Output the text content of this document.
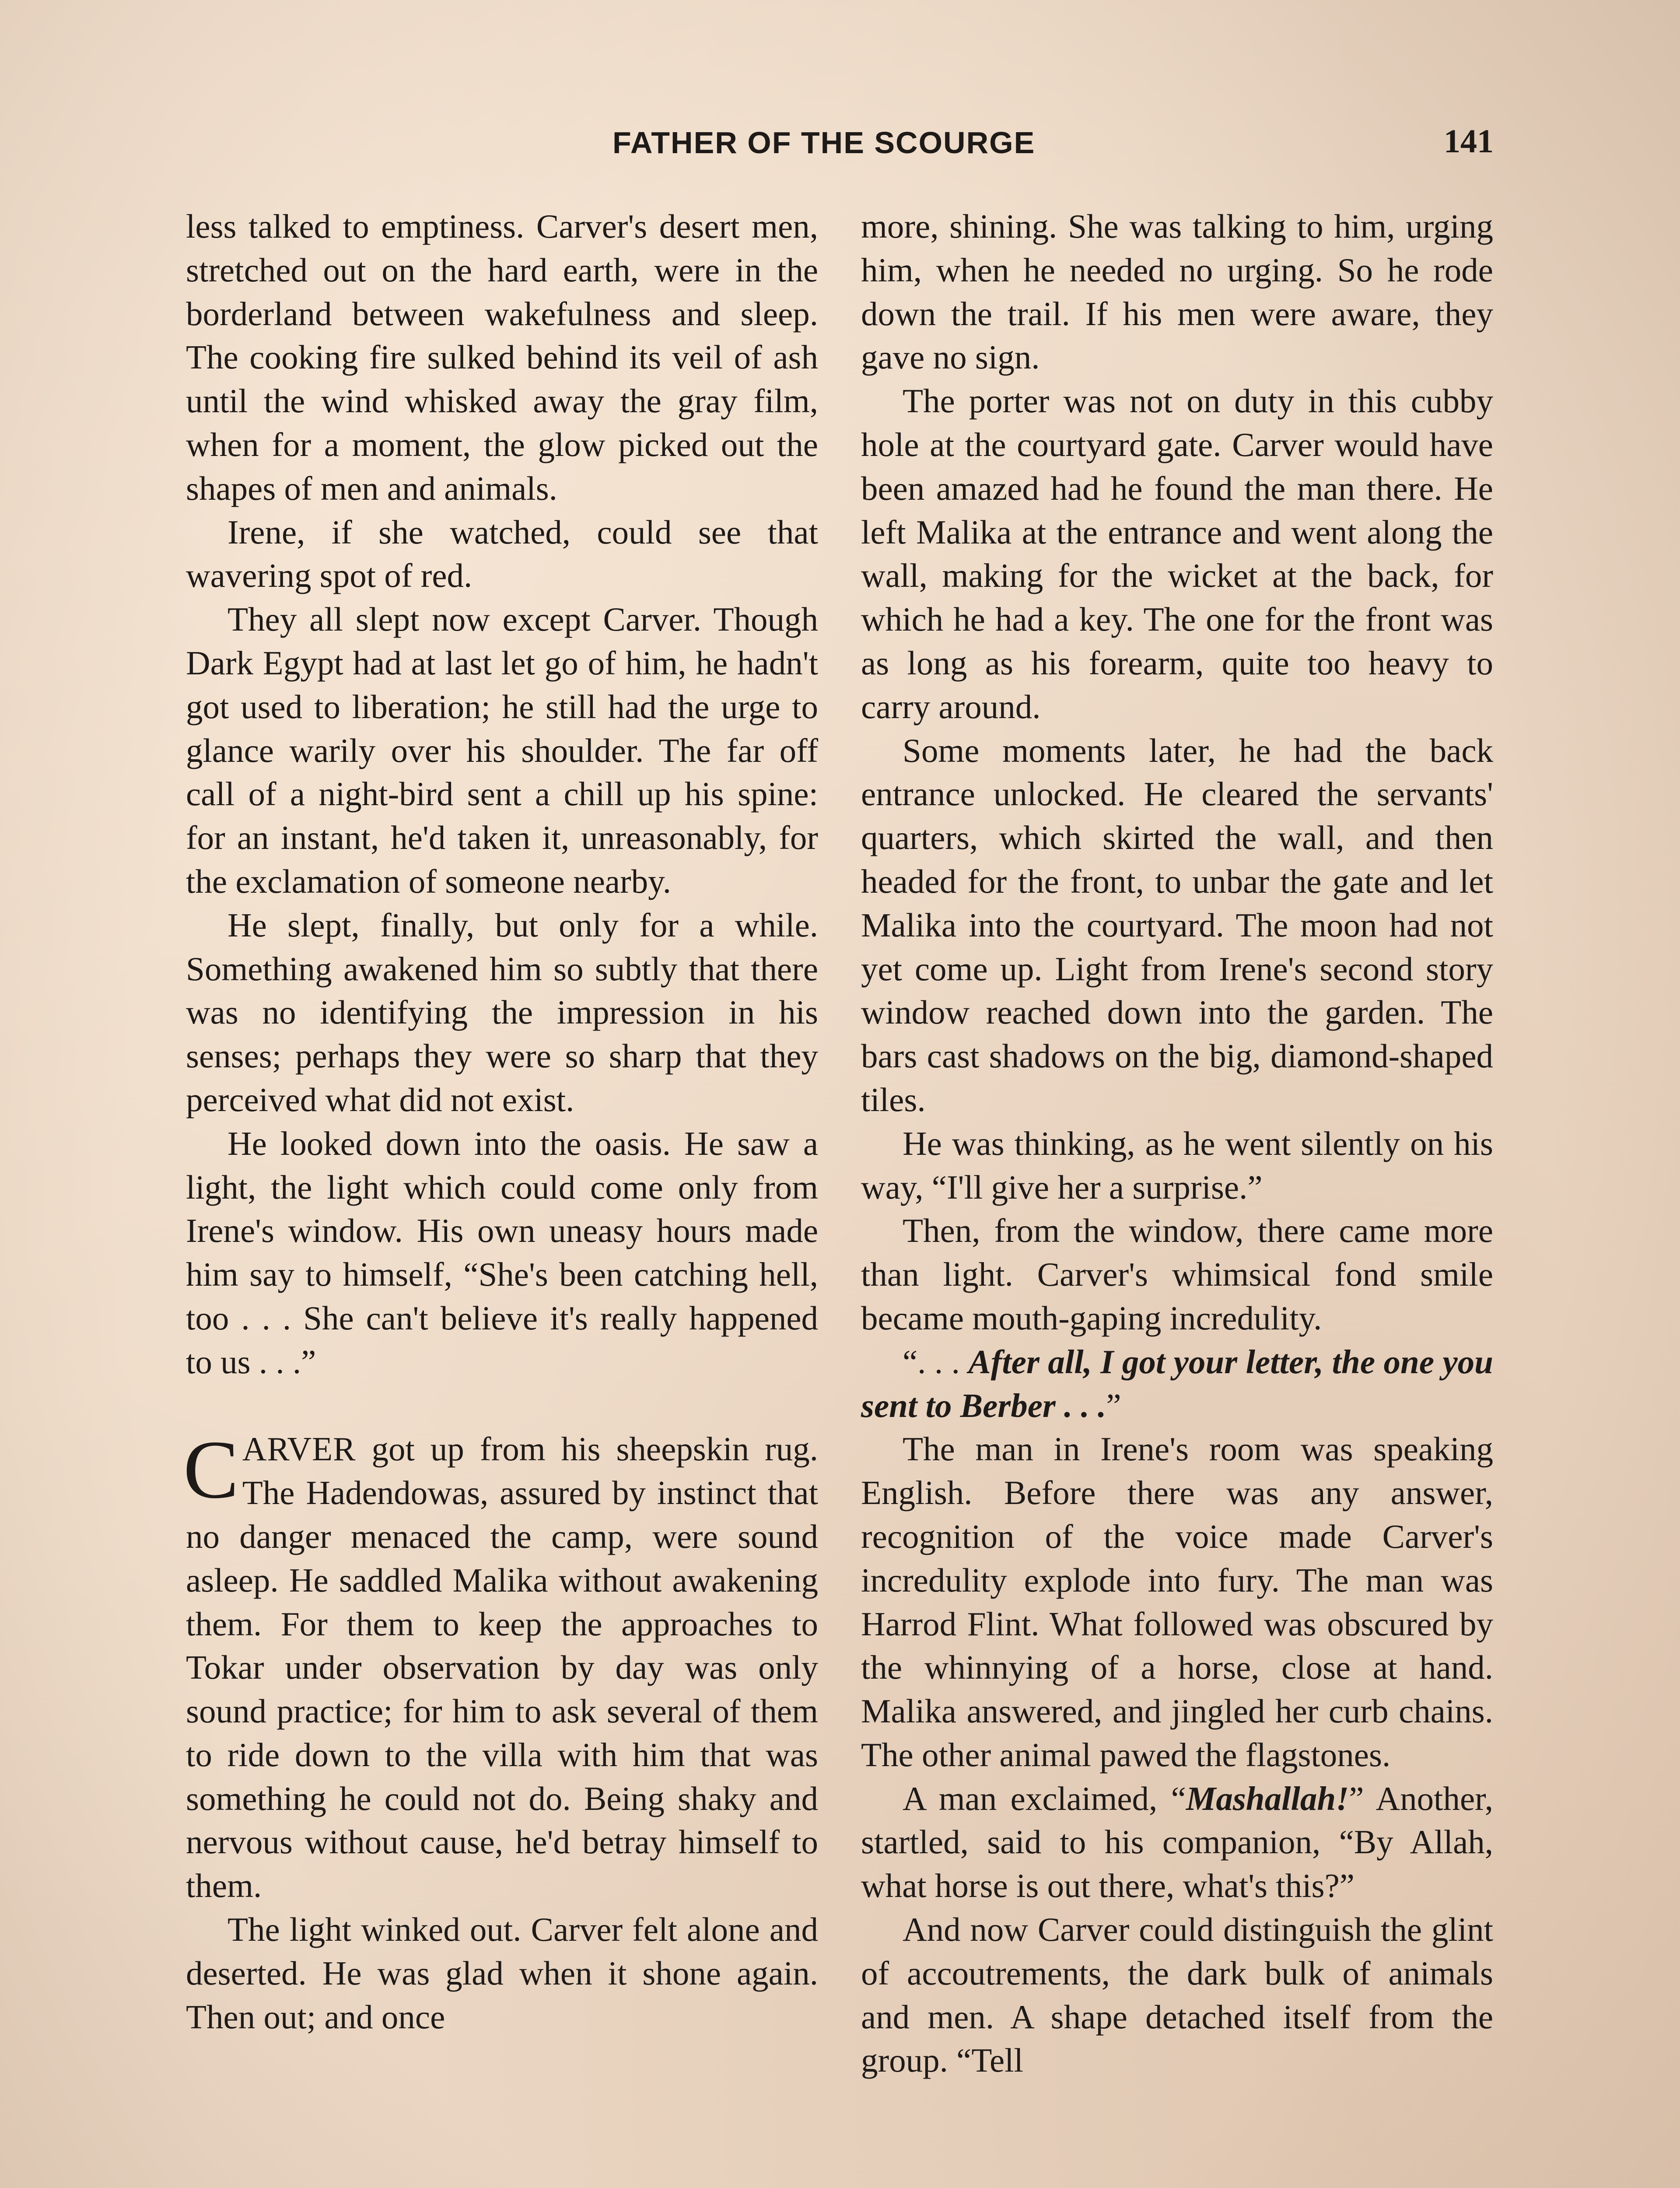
FATHER OF THE SCOURGE	141

less talked to emptiness. Carver's desert men, stretched out on the hard earth, were in the borderland between wakefulness and sleep. The cooking fire sulked behind its veil of ash until the wind whisked away the gray film, when for a moment, the glow picked out the shapes of men and animals.

Irene, if she watched, could see that wavering spot of red.

They all slept now except Carver. Though Dark Egypt had at last let go of him, he hadn't got used to liberation; he still had the urge to glance warily over his shoulder. The far off call of a night-bird sent a chill up his spine: for an instant, he'd taken it, unreasonably, for the exclamation of someone nearby.

He slept, finally, but only for a while. Something awakened him so subtly that there was no identifying the impression in his senses; perhaps they were so sharp that they perceived what did not exist.

He looked down into the oasis. He saw a light, the light which could come only from Irene's window. His own uneasy hours made him say to himself, “She's been catching hell, too . . . She can't believe it's really happened to us . . .”

CARVER got up from his sheepskin rug. The Hadendowas, assured by instinct that no danger menaced the camp, were sound asleep. He saddled Malika without awakening them. For them to keep the approaches to Tokar under observation by day was only sound practice; for him to ask several of them to ride down to the villa with him that was something he could not do. Being shaky and nervous without cause, he'd betray himself to them.

The light winked out. Carver felt alone and deserted. He was glad when it shone again. Then out; and once

more, shining. She was talking to him, urging him, when he needed no urging. So he rode down the trail. If his men were aware, they gave no sign.

The porter was not on duty in this cubby hole at the courtyard gate. Carver would have been amazed had he found the man there. He left Malika at the entrance and went along the wall, making for the wicket at the back, for which he had a key. The one for the front was as long as his forearm, quite too heavy to carry around.

Some moments later, he had the back entrance unlocked. He cleared the servants' quarters, which skirted the wall, and then headed for the front, to unbar the gate and let Malika into the courtyard. The moon had not yet come up. Light from Irene's second story window reached down into the garden. The bars cast shadows on the big, diamond-shaped tiles.

He was thinking, as he went silently on his way, “I'll give her a surprise.”

Then, from the window, there came more than light. Carver's whimsical fond smile became mouth-gaping incredulity.

“. . . After all, I got your letter, the one you sent to Berber . . .”

The man in Irene's room was speaking English. Before there was any answer, recognition of the voice made Carver's incredulity explode into fury. The man was Harrod Flint. What followed was obscured by the whinnying of a horse, close at hand. Malika answered, and jingled her curb chains. The other animal pawed the flagstones.

A man exclaimed, “Mashallah!” Another, startled, said to his companion, “By Allah, what horse is out there, what's this?”

And now Carver could distinguish the glint of accoutrements, the dark bulk of animals and men. A shape detached itself from the group. “Tell
